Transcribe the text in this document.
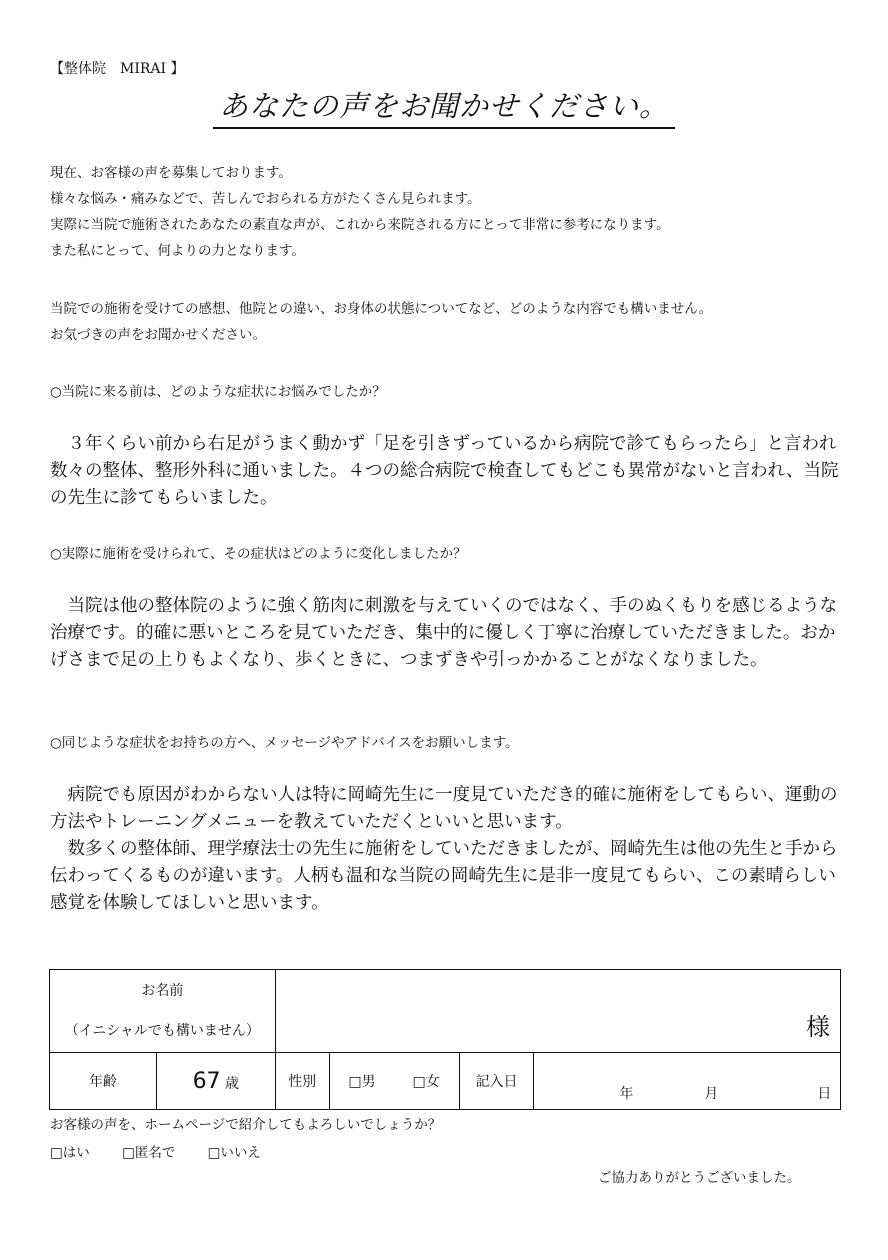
【整体院　MIRAI 】
あなたの声をお聞かせください。
現在、お客様の声を募集しております。
様々な悩み・痛みなどで、苦しんでおられる方がたくさん見られます。
実際に当院で施術されたあなたの素直な声が、これから来院される方にとって非常に参考になります。
また私にとって、何よりの力となります。
当院での施術を受けての感想、他院との違い、お身体の状態についてなど、どのような内容でも構いません。
お気づきの声をお聞かせください。
○当院に来る前は、どのような症状にお悩みでしたか？

３年くらい前から右足がうまく動かず「足を引きずっているから病院で診てもらったら」と言われ数々の整体、整形外科に通いました。４つの総合病院で検査してもどこも異常がないと言われ、当院の先生に診てもらいました。

○実際に施術を受けられて、その症状はどのように変化しましたか？

当院は他の整体院のように強く筋肉に刺激を与えていくのではなく、手のぬくもりを感じるような治療です。的確に悪いところを見ていただき、集中的に優しく丁寧に治療していただきました。おかげさまで足の上りもよくなり、歩くときに、つまずきや引っかかることがなくなりました。

○同じような症状をお持ちの方へ、メッセージやアドバイスをお願いします。

病院でも原因がわからない人は特に岡崎先生に一度見ていただき的確に施術をしてもらい、運動の方法やトレーニングメニューを教えていただくといいと思います。

数多くの整体師、理学療法士の先生に施術をしていただきましたが、岡崎先生は他の先生と手から伝わってくるものが違います。人柄も温和な当院の岡崎先生に是非一度見てもらい、この素晴らしい感覚を体験してほしいと思います。

お名前
（イニシャルでも構いません）		様			
年齢	67 歳	性別	□男 □女	記入日	年 月 日
お客様の声を、ホームページで紹介してもよろしいでしょうか？
□はい □匿名で □いいえ
ご協力ありがとうございました。
